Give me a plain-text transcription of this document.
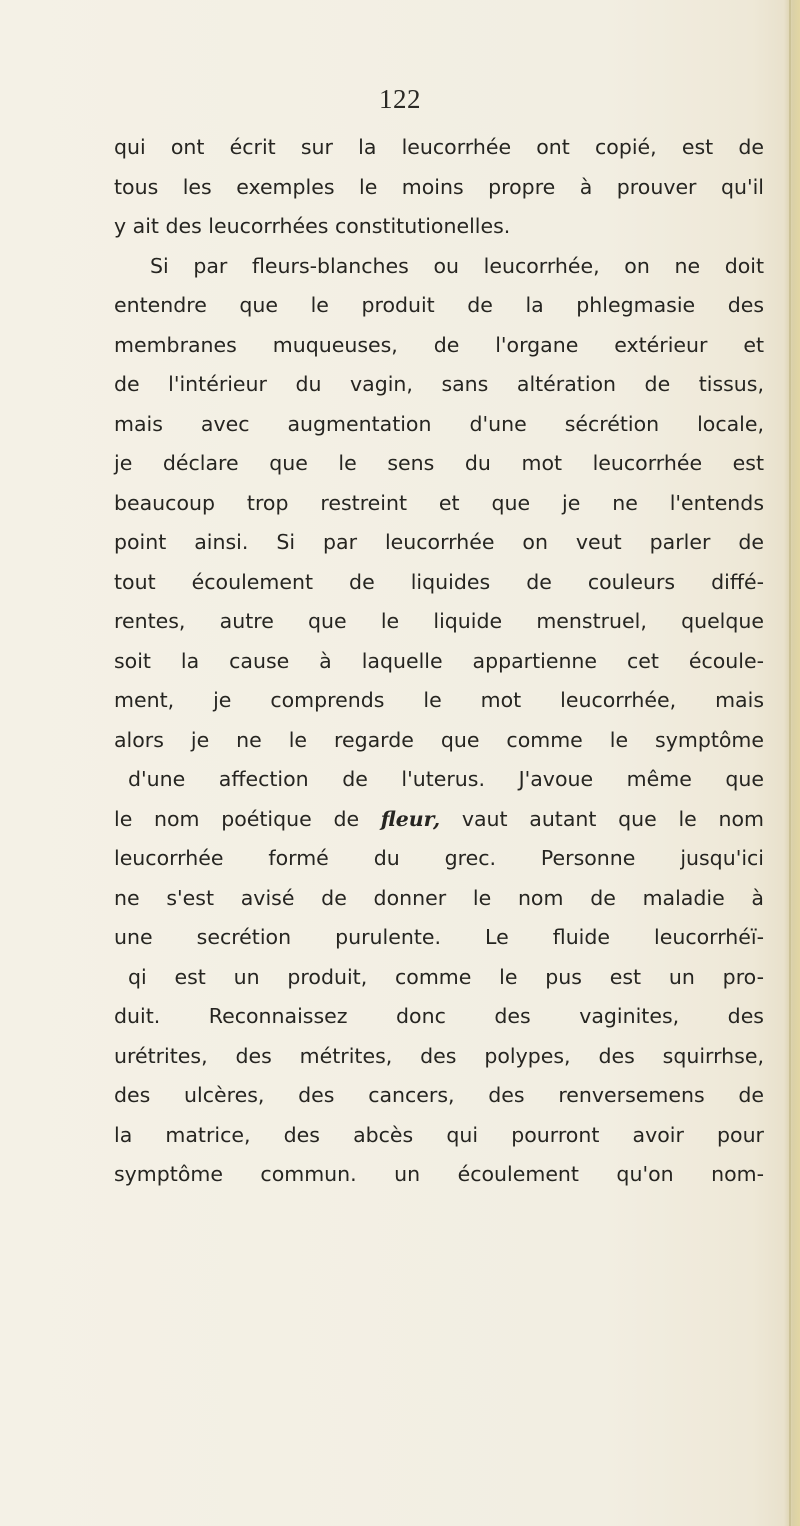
122
qui ont écrit sur la leucorrhée ont copié, est de
tous les exemples le moins propre à prouver qu'il
y ait des leucorrhées constitutionelles.
Si par fleurs-blanches ou leucorrhée, on ne doit
entendre que le produit de la phlegmasie des
membranes muqueuses, de l'organe extérieur et
de l'intérieur du vagin, sans altération de tissus,
mais avec augmentation d'une sécrétion locale,
je déclare que le sens du mot leucorrhée est
beaucoup trop restreint et que je ne l'entends
point ainsi. Si par leucorrhée on veut parler de
tout écoulement de liquides de couleurs diffé-
rentes, autre que le liquide menstruel, quelque
soit la cause à laquelle appartienne cet écoule-
ment, je comprends le mot leucorrhée, mais
alors je ne le regarde que comme le symptôme
d'une affection de l'uterus. J'avoue même que
le nom poétique de fleur, vaut autant que le nom
leucorrhée formé du grec. Personne jusqu'ici
ne s'est avisé de donner le nom de maladie à
une secrétion purulente. Le fluide leucorrhéï-
qi est un produit, comme le pus est un pro-
duit. Reconnaissez donc des vaginites, des
urétrites, des métrites, des polypes, des squirrhse,
des ulcères, des cancers, des renversemens de
la matrice, des abcès qui pourront avoir pour
symptôme commun. un écoulement qu'on nom-
